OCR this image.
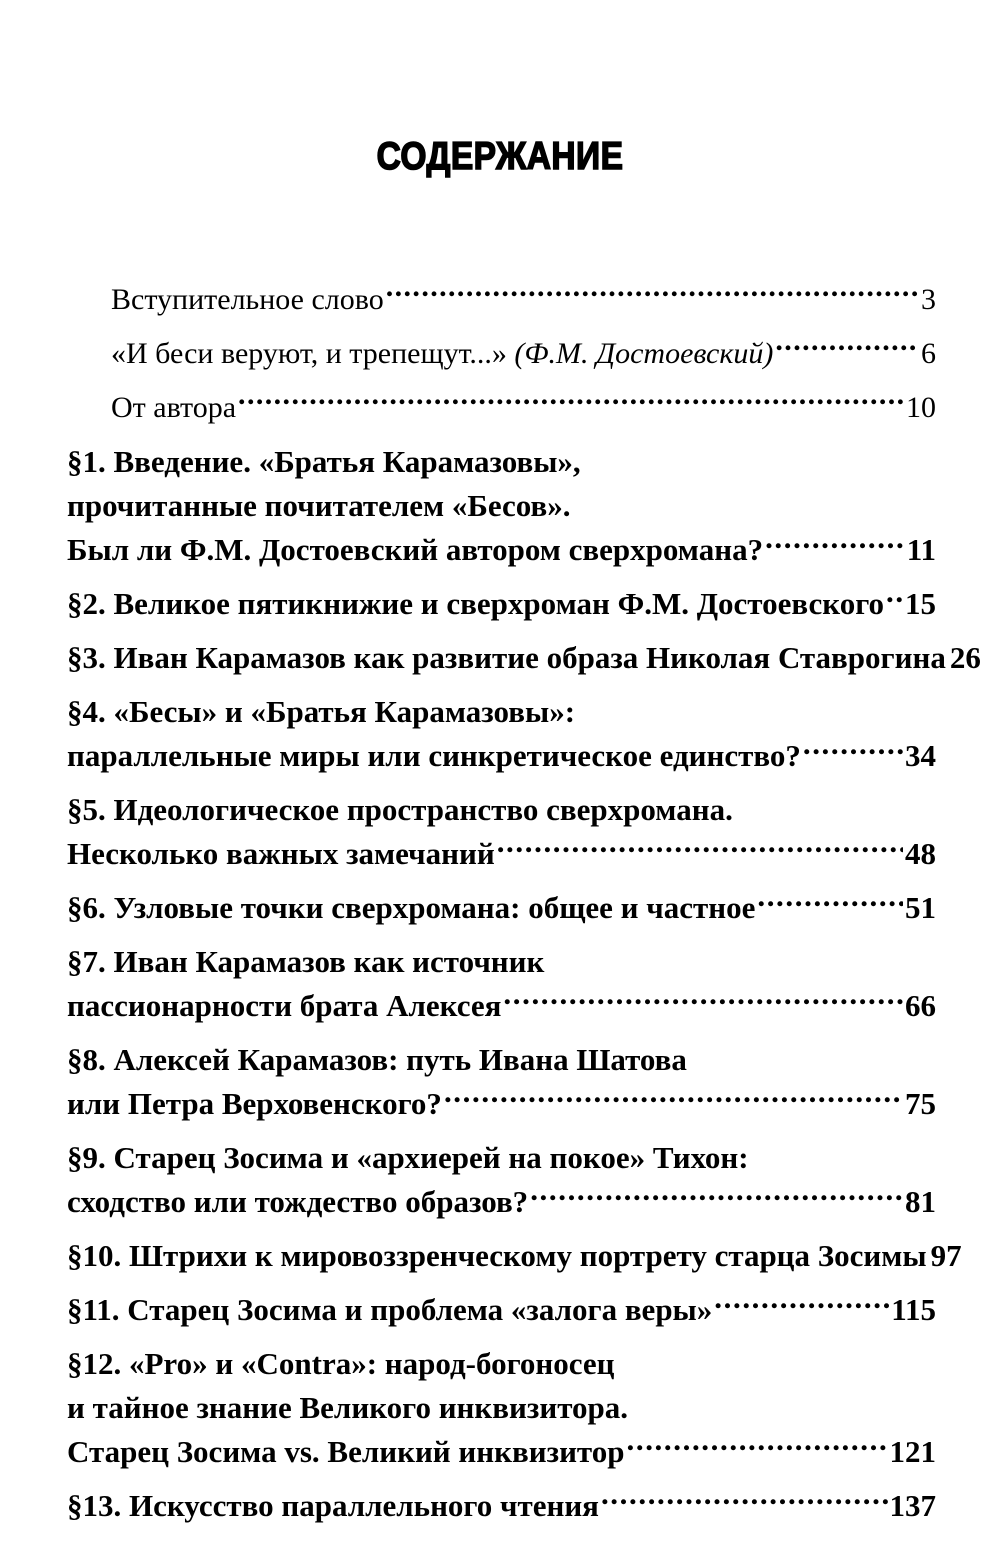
СОДЕРЖАНИЕ
Вступительное слово .....	3
«И беси веруют, и трепещут...» (Ф.М. Достоевский) .....	6
От автора .....	10
§1. Введение. «Братья Карамазовы»,
прочитанные почитателем «Бесов».
Был ли Ф.М. Достоевский автором сверхромана? .....	11
§2. Великое пятикнижие и сверхроман Ф.М. Достоевского ..... 15
§3. Иван Карамазов как развитие образа Николая Ставрогина 26
§4. «Бесы» и «Братья Карамазовы»:
параллельные миры или синкретическое единство? .....	34
§5. Идеологическое пространство сверхромана.
Несколько важных замечаний .....	48
§6. Узловые точки сверхромана: общее и частное .....	51
§7. Иван Карамазов как источник
пассионарности брата Алексея .....	66
§8. Алексей Карамазов: путь Ивана Шатова
или Петра Верховенского? .....	75
§9. Старец Зосима и «архиерей на покое» Тихон:
сходство или тождество образов? .....	81
§10. Штрихи к мировоззренческому портрету старца Зосимы 97
§11. Старец Зосима и проблема «залога веры» .....	115
§12. «Pro» и «Contra»: народ-богоносец
и тайное знание Великого инквизитора.
Старец Зосима vs. Великий инквизитор .....	121
§13. Искусство параллельного чтения .....	137
